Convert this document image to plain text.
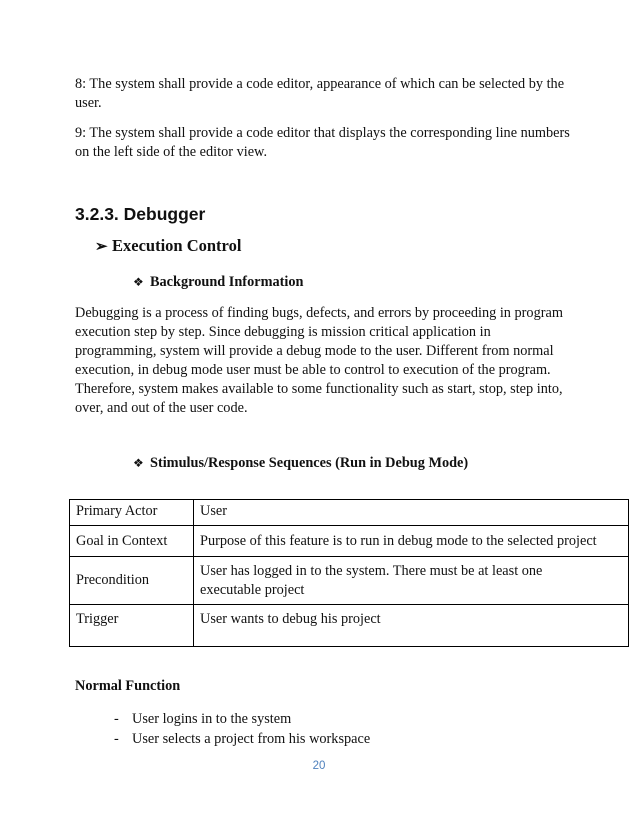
8: The system shall provide a code editor, appearance of which can be selected by the user.

9: The system shall provide a code editor that displays the corresponding line numbers on the left side of the editor view.

3.2.3. Debugger
➢ Execution Control
❖ Background Information

Debugging is a process of finding bugs, defects, and errors by proceeding in program execution step by step. Since debugging is mission critical application in programming, system will provide a debug mode to the user. Different from normal execution, in debug mode user must be able to control to execution of the program. Therefore, system makes available to some functionality such as start, stop, step into, over, and out of the user code.

❖ Stimulus/Response Sequences (Run in Debug Mode)
Primary Actor	User
Goal in Context	Purpose of this feature is to run in debug mode to the selected project
Precondition	User has logged in to the system. There must be at least one executable project
Trigger	User wants to debug his project
Normal Function
- User logins in to the system
- User selects a project from his workspace
20
